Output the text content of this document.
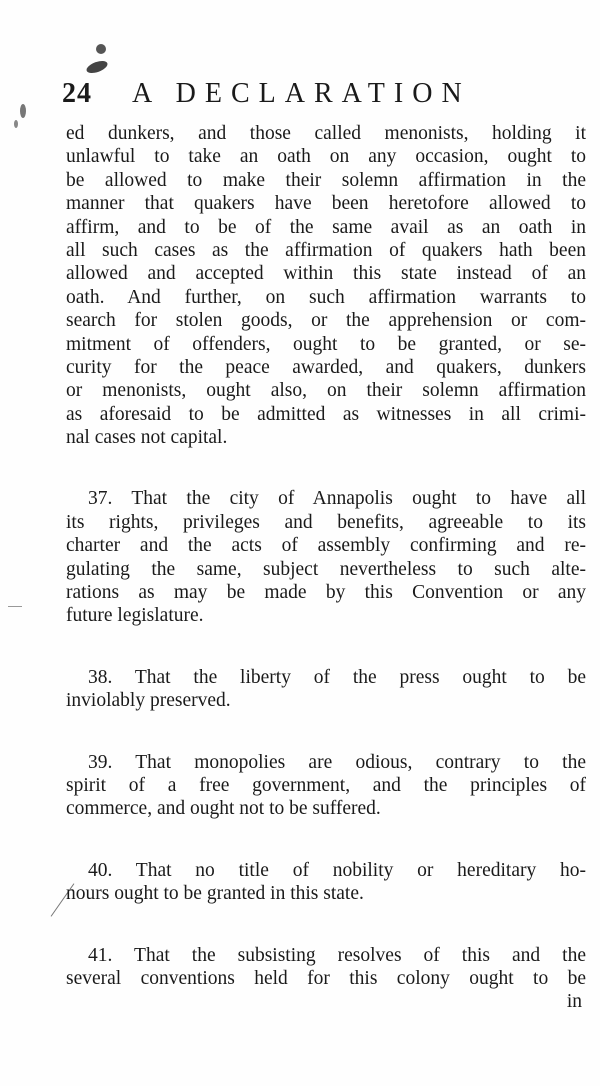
24 A DECLARATION
ed dunkers, and those called menonists, holding it
unlawful to take an oath on any occasion, ought to
be allowed to make their solemn affirmation in the
manner that quakers have been heretofore allowed to
affirm, and to be of the same avail as an oath in
all such cases as the affirmation of quakers hath been
allowed and accepted within this state instead of an
oath. And further, on such affirmation warrants to
search for stolen goods, or the apprehension or com-
mitment of offenders, ought to be granted, or se-
curity for the peace awarded, and quakers, dunkers
or menonists, ought also, on their solemn affirmation
as aforesaid to be admitted as witnesses in all crimi-
nal cases not capital.
37. That the city of Annapolis ought to have all
its rights, privileges and benefits, agreeable to its
charter and the acts of assembly confirming and re-
gulating the same, subject nevertheless to such alte-
rations as may be made by this Convention or any
future legislature.
38. That the liberty of the press ought to be
inviolably preserved.
39. That monopolies are odious, contrary to the
spirit of a free government, and the principles of
commerce, and ought not to be suffered.
40. That no title of nobility or hereditary ho-
nours ought to be granted in this state.
41. That the subsisting resolves of this and the
several conventions held for this colony ought to be
in
